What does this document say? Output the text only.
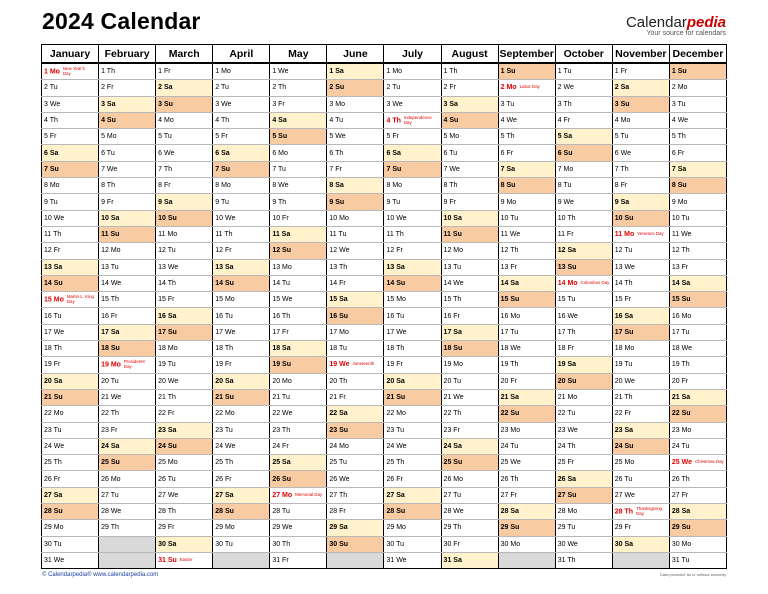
2024 Calendar	Calendarpedia
Your source for calendars
January	February	March	April	May	June	July	August	September	October	November	December
1 Mo New Year's Day	1 Th	1 Fr	1 Mo	1 We	1 Sa	1 Mo	1 Th	1 Su	1 Tu	1 Fr	1 Su
2 Tu	2 Fr	2 Sa	2 Tu	2 Th	2 Su	2 Tu	2 Fr	2 Mo Labor Day	2 We	2 Sa	2 Mo
3 We	3 Sa	3 Su	3 We	3 Fr	3 Mo	3 We	3 Sa	3 Tu	3 Th	3 Su	3 Tu
4 Th	4 Su	4 Mo	4 Th	4 Sa	4 Tu	4 Th Independence Day	4 Su	4 We	4 Fr	4 Mo	4 We
5 Fr	5 Mo	5 Tu	5 Fr	5 Su	5 We	5 Fr	5 Mo	5 Th	5 Sa	5 Tu	5 Th
6 Sa	6 Tu	6 We	6 Sa	6 Mo	6 Th	6 Sa	6 Tu	6 Fr	6 Su	6 We	6 Fr
7 Su	7 We	7 Th	7 Su	7 Tu	7 Fr	7 Su	7 We	7 Sa	7 Mo	7 Th	7 Sa
8 Mo	8 Th	8 Fr	8 Mo	8 We	8 Sa	8 Mo	8 Th	8 Su	8 Tu	8 Fr	8 Su
9 Tu	9 Fr	9 Sa	9 Tu	9 Th	9 Su	9 Tu	9 Fr	9 Mo	9 We	9 Sa	9 Mo
10 We	10 Sa	10 Su	10 We	10 Fr	10 Mo	10 We	10 Sa	10 Tu	10 Th	10 Su	10 Tu
11 Th	11 Su	11 Mo	11 Th	11 Sa	11 Tu	11 Th	11 Su	11 We	11 Fr	11 Mo Veterans Day	11 We
12 Fr	12 Mo	12 Tu	12 Fr	12 Su	12 We	12 Fr	12 Mo	12 Th	12 Sa	12 Tu	12 Th
13 Sa	13 Tu	13 We	13 Sa	13 Mo	13 Th	13 Sa	13 Tu	13 Fr	13 Su	13 We	13 Fr
14 Su	14 We	14 Th	14 Su	14 Tu	14 Fr	14 Su	14 We	14 Sa	14 Mo Columbus Day	14 Th	14 Sa
15 Mo Martin L. King Day	15 Th	15 Fr	15 Mo	15 We	15 Sa	15 Mo	15 Th	15 Su	15 Tu	15 Fr	15 Su
16 Tu	16 Fr	16 Sa	16 Tu	16 Th	16 Su	16 Tu	16 Fr	16 Mo	16 We	16 Sa	16 Mo
17 We	17 Sa	17 Su	17 We	17 Fr	17 Mo	17 We	17 Sa	17 Tu	17 Th	17 Su	17 Tu
18 Th	18 Su	18 Mo	18 Th	18 Sa	18 Tu	18 Th	18 Su	18 We	18 Fr	18 Mo	18 We
19 Fr	19 Mo Presidents' Day	19 Tu	19 Fr	19 Su	19 We Juneteenth	19 Fr	19 Mo	19 Th	19 Sa	19 Tu	19 Th
20 Sa	20 Tu	20 We	20 Sa	20 Mo	20 Th	20 Sa	20 Tu	20 Fr	20 Su	20 We	20 Fr
21 Su	21 We	21 Th	21 Su	21 Tu	21 Fr	21 Su	21 We	21 Sa	21 Mo	21 Th	21 Sa
22 Mo	22 Th	22 Fr	22 Mo	22 We	22 Sa	22 Mo	22 Th	22 Su	22 Tu	22 Fr	22 Su
23 Tu	23 Fr	23 Sa	23 Tu	23 Th	23 Su	23 Tu	23 Fr	23 Mo	23 We	23 Sa	23 Mo
24 We	24 Sa	24 Su	24 We	24 Fr	24 Mo	24 We	24 Sa	24 Tu	24 Th	24 Su	24 Tu
25 Th	25 Su	25 Mo	25 Th	25 Sa	25 Tu	25 Th	25 Su	25 We	25 Fr	25 Mo	25 We Christmas Day
26 Fr	26 Mo	26 Tu	26 Fr	26 Su	26 We	26 Fr	26 Mo	26 Th	26 Sa	26 Tu	26 Th
27 Sa	27 Tu	27 We	27 Sa	27 Mo Memorial Day	27 Th	27 Sa	27 Tu	27 Fr	27 Su	27 We	27 Fr
28 Su	28 We	28 Th	28 Su	28 Tu	28 Fr	28 Su	28 We	28 Sa	28 Mo	28 Th Thanksgiving Day	28 Sa
29 Mo	29 Th	29 Fr	29 Mo	29 We	29 Sa	29 Mo	29 Th	29 Su	29 Tu	29 Fr	29 Su
30 Tu		30 Sa	30 Tu	30 Th	30 Su	30 Tu	30 Fr	30 Mo	30 We	30 Sa	30 Mo
31 We		31 Su Easter		31 Fr		31 We	31 Sa		31 Th		31 Tu
© Calendarpedia® www.calendarpedia.com	Data provided 'as is' without warranty
